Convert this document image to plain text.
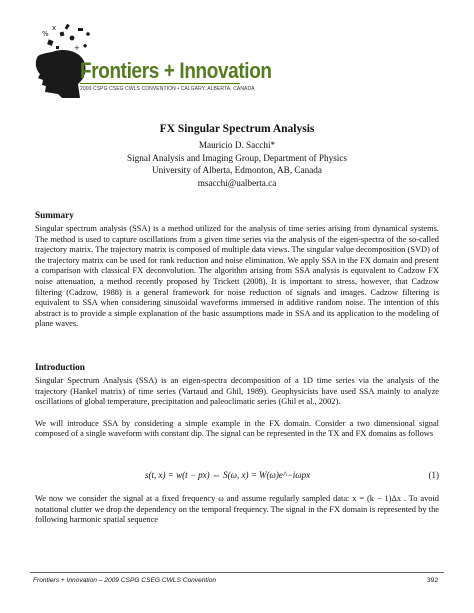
%
+
x
Frontiers + Innovation
2009 CSPG CSEG CWLS CONVENTION • CALGARY, ALBERTA, CANADA
FX Singular Spectrum Analysis
Mauricio D. Sacchi*
Signal Analysis and Imaging Group, Department of Physics
University of Alberta, Edmonton, AB, Canada
msacchi@ualberta.ca
Summary

Singular spectrum analysis (SSA) is a method utilized for the analysis of time series arising from dynamical systems. The method is used to capture oscillations from a given time series via the analysis of the eigen-spectra of the so-called trajectory matrix. The trajectory matrix is composed of multiple data views. The singular value decomposition (SVD) of the trajectory matrix can be used for rank reduction and noise elimination. We apply SSA in the FX domain and present a comparison with classical FX deconvolution. The algorithm arising from SSA analysis is equivalent to Cadzow FX noise attenuation, a method recently proposed by Trickett (2008). It is important to stress, however, that Cadzow filtering (Cadzow, 1988) is a general framework for noise reduction of signals and images. Cadzow filtering is equivalent to SSA when considering sinusoidal waveforms immersed in additive random noise. The intention of this abstract is to provide a simple explanation of the basic assumptions made in SSA and its application to the modeling of plane waves.

Introduction

Singular Spectrum Analysis (SSA) is an eigen-spectra decomposition of a 1D time series via the analysis of the trajectory (Hankel matrix) of time series (Vartaud and Ghil, 1989). Geophysicists have used SSA mainly to analyze oscillations of global temperature, precipitation and paleoclimatic series (Ghil et al., 2002).

We will introduce SSA by considering a simple example in the FX domain. Consider a two dimensional signal composed of a single waveform with constant dip. The signal can be represented in the TX and FX domains as follows

s(t, x) = w(t − px) ⇔ S(ω, x) = W(ω)e^−iωpx	(1)

We now we consider the signal at a fixed frequency ω and assume regularly sampled data: x = (k − 1)Δx . To avoid notational clutter we drop the dependency on the temporal frequency. The signal in the FX domain is represented by the following harmonic spatial sequence

Frontiers + Innovation – 2009 CSPG CSEG CWLS Convention	392
